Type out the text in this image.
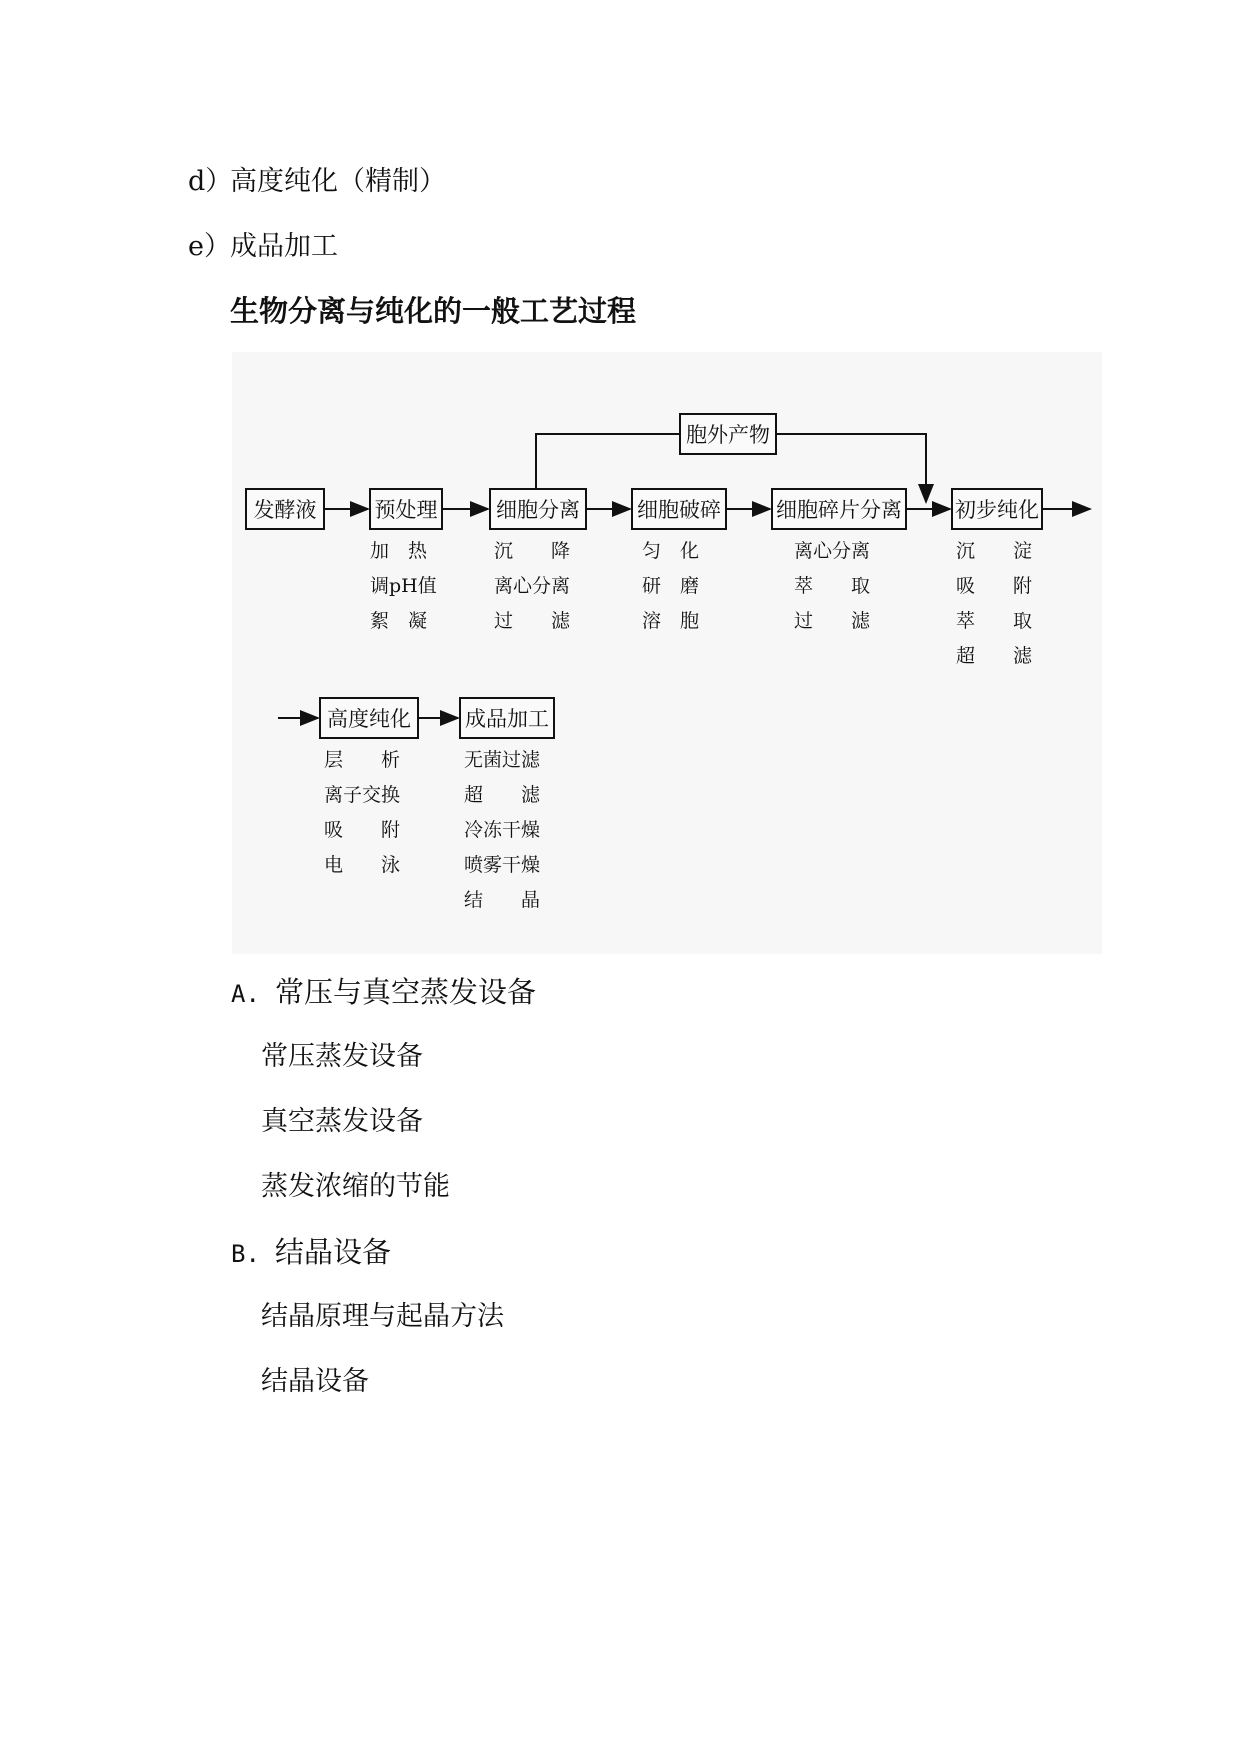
d）高度纯化（精制）
e）成品加工
生物分离与纯化的一般工艺过程
胞外产物
发酵液	预处理	细胞分离	细胞破碎	细胞碎片分离	初步纯化
高度纯化	成品加工
加　热
调pH值
絮　凝
沉　　降
离心分离
过　　滤
匀　化
研　磨
溶　胞
离心分离
萃　　取
过　　滤
沉　　淀
吸　　附
萃　　取
超　　滤
层　　析
离子交换
吸　　附
电　　泳
无菌过滤
超　　滤
冷冻干燥
喷雾干燥
结　　晶
A. 常压与真空蒸发设备
常压蒸发设备
真空蒸发设备
蒸发浓缩的节能
B. 结晶设备
结晶原理与起晶方法
结晶设备
